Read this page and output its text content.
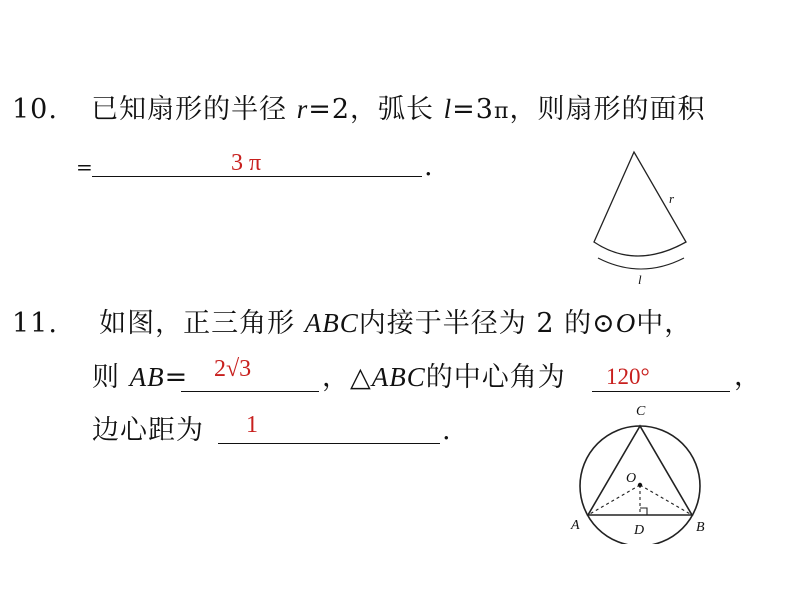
10. 已知扇形的半径 r=2，弧长 l=3π，则扇形的面积
=	3 π	.
r
l
11. 如图，正三角形 ABC内接于半径为 2 的⊙O中，
则 AB= 2√3	，△ABC的中心角为 120°	，
边心距为 1	.
C
O
A	B
D
